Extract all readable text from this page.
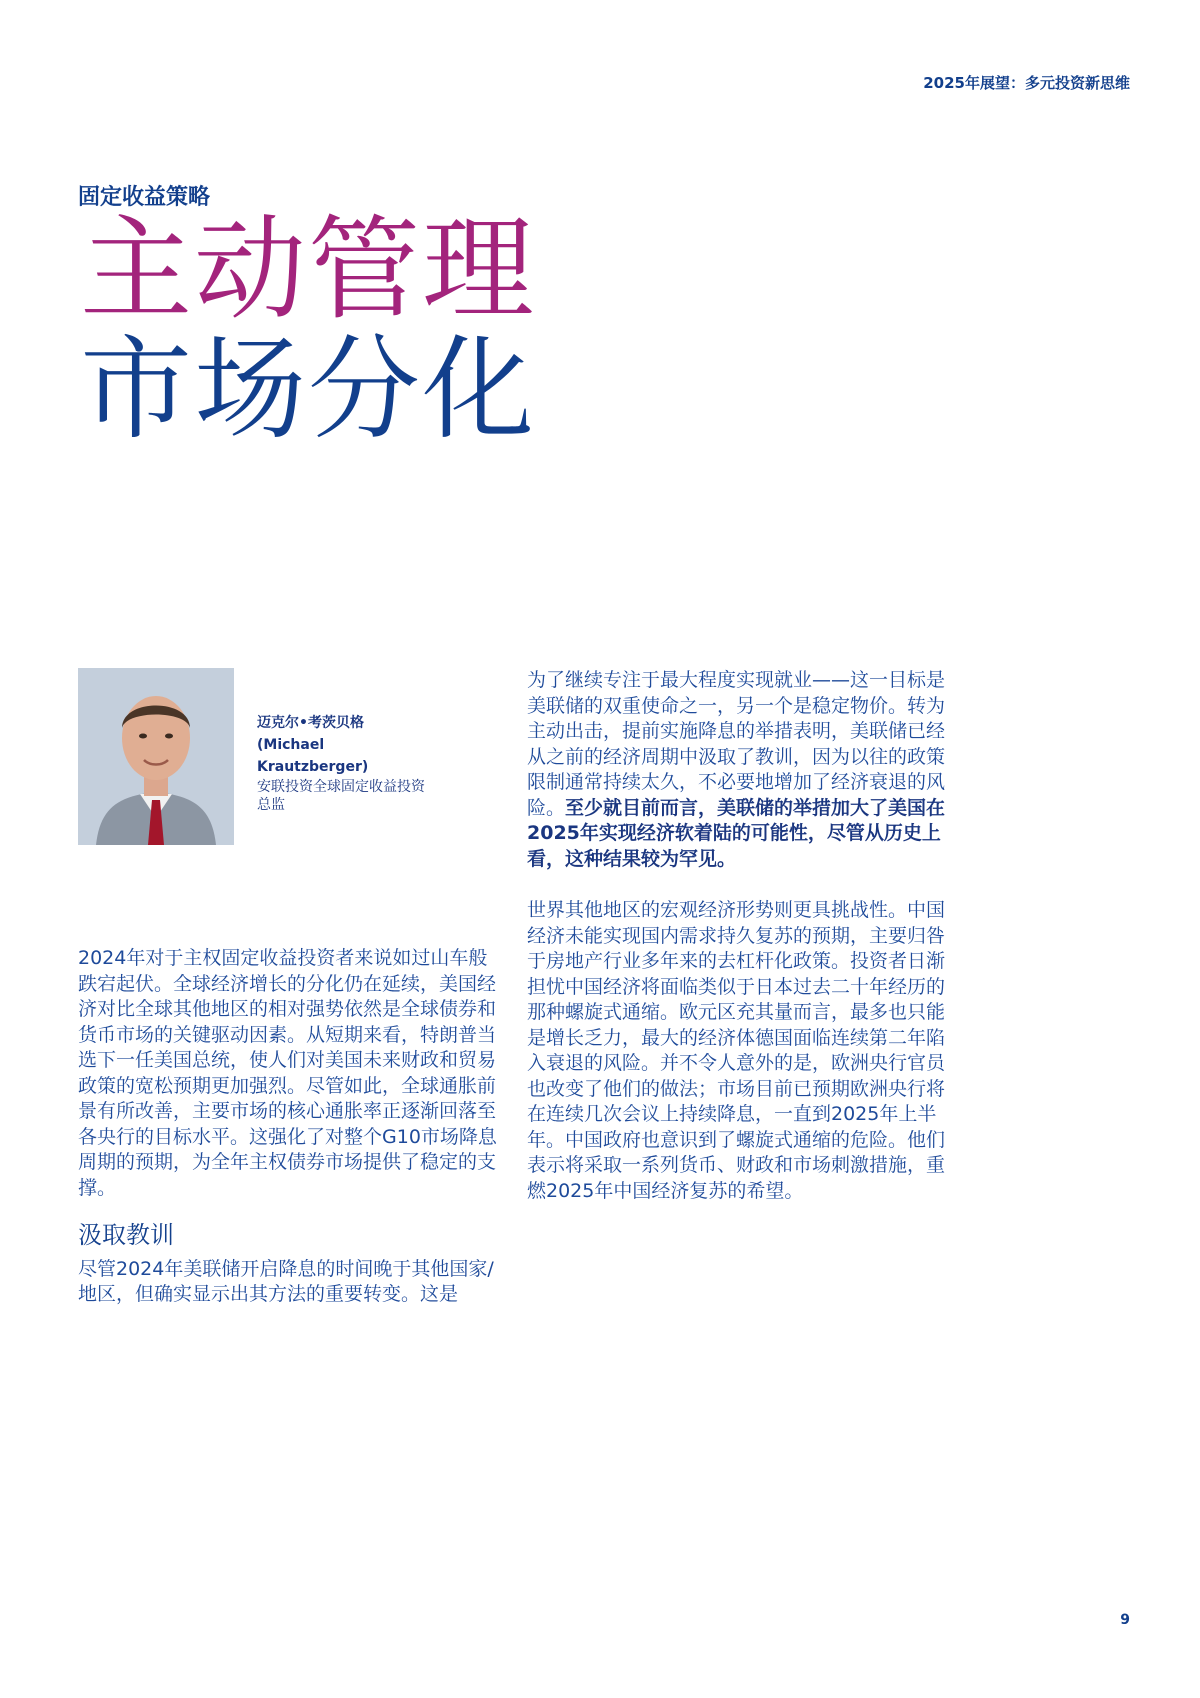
2025年展望：多元投资新思维
固定收益策略
主动管理
市场分化
迈克尔•考茨贝格
(Michael Krautzberger)
安联投资全球固定收益投资总监

2024年对于主权固定收益投资者来说如过山车般跌宕起伏。全球经济增长的分化仍在延续，美国经济对比全球其他地区的相对强势依然是全球债券和货币市场的关键驱动因素。从短期来看，特朗普当选下一任美国总统，使人们对美国未来财政和贸易政策的宽松预期更加强烈。尽管如此，全球通胀前景有所改善，主要市场的核心通胀率正逐渐回落至各央行的目标水平。这强化了对整个G10市场降息周期的预期，为全年主权债券市场提供了稳定的支撑。

汲取教训

尽管2024年美联储开启降息的时间晚于其他国家/地区，但确实显示出其方法的重要转变。这是

为了继续专注于最大程度实现就业——这一目标是美联储的双重使命之一，另一个是稳定物价。转为主动出击，提前实施降息的举措表明，美联储已经从之前的经济周期中汲取了教训，因为以往的政策限制通常持续太久，不必要地增加了经济衰退的风险。至少就目前而言，美联储的举措加大了美国在2025年实现经济软着陆的可能性，尽管从历史上看，这种结果较为罕见。

世界其他地区的宏观经济形势则更具挑战性。中国经济未能实现国内需求持久复苏的预期，主要归咎于房地产行业多年来的去杠杆化政策。投资者日渐担忧中国经济将面临类似于日本过去二十年经历的那种螺旋式通缩。欧元区充其量而言，最多也只能是增长乏力，最大的经济体德国面临连续第二年陷入衰退的风险。并不令人意外的是，欧洲央行官员也改变了他们的做法；市场目前已预期欧洲央行将在连续几次会议上持续降息，一直到2025年上半年。中国政府也意识到了螺旋式通缩的危险。他们表示将采取一系列货币、财政和市场刺激措施，重燃2025年中国经济复苏的希望。

9
